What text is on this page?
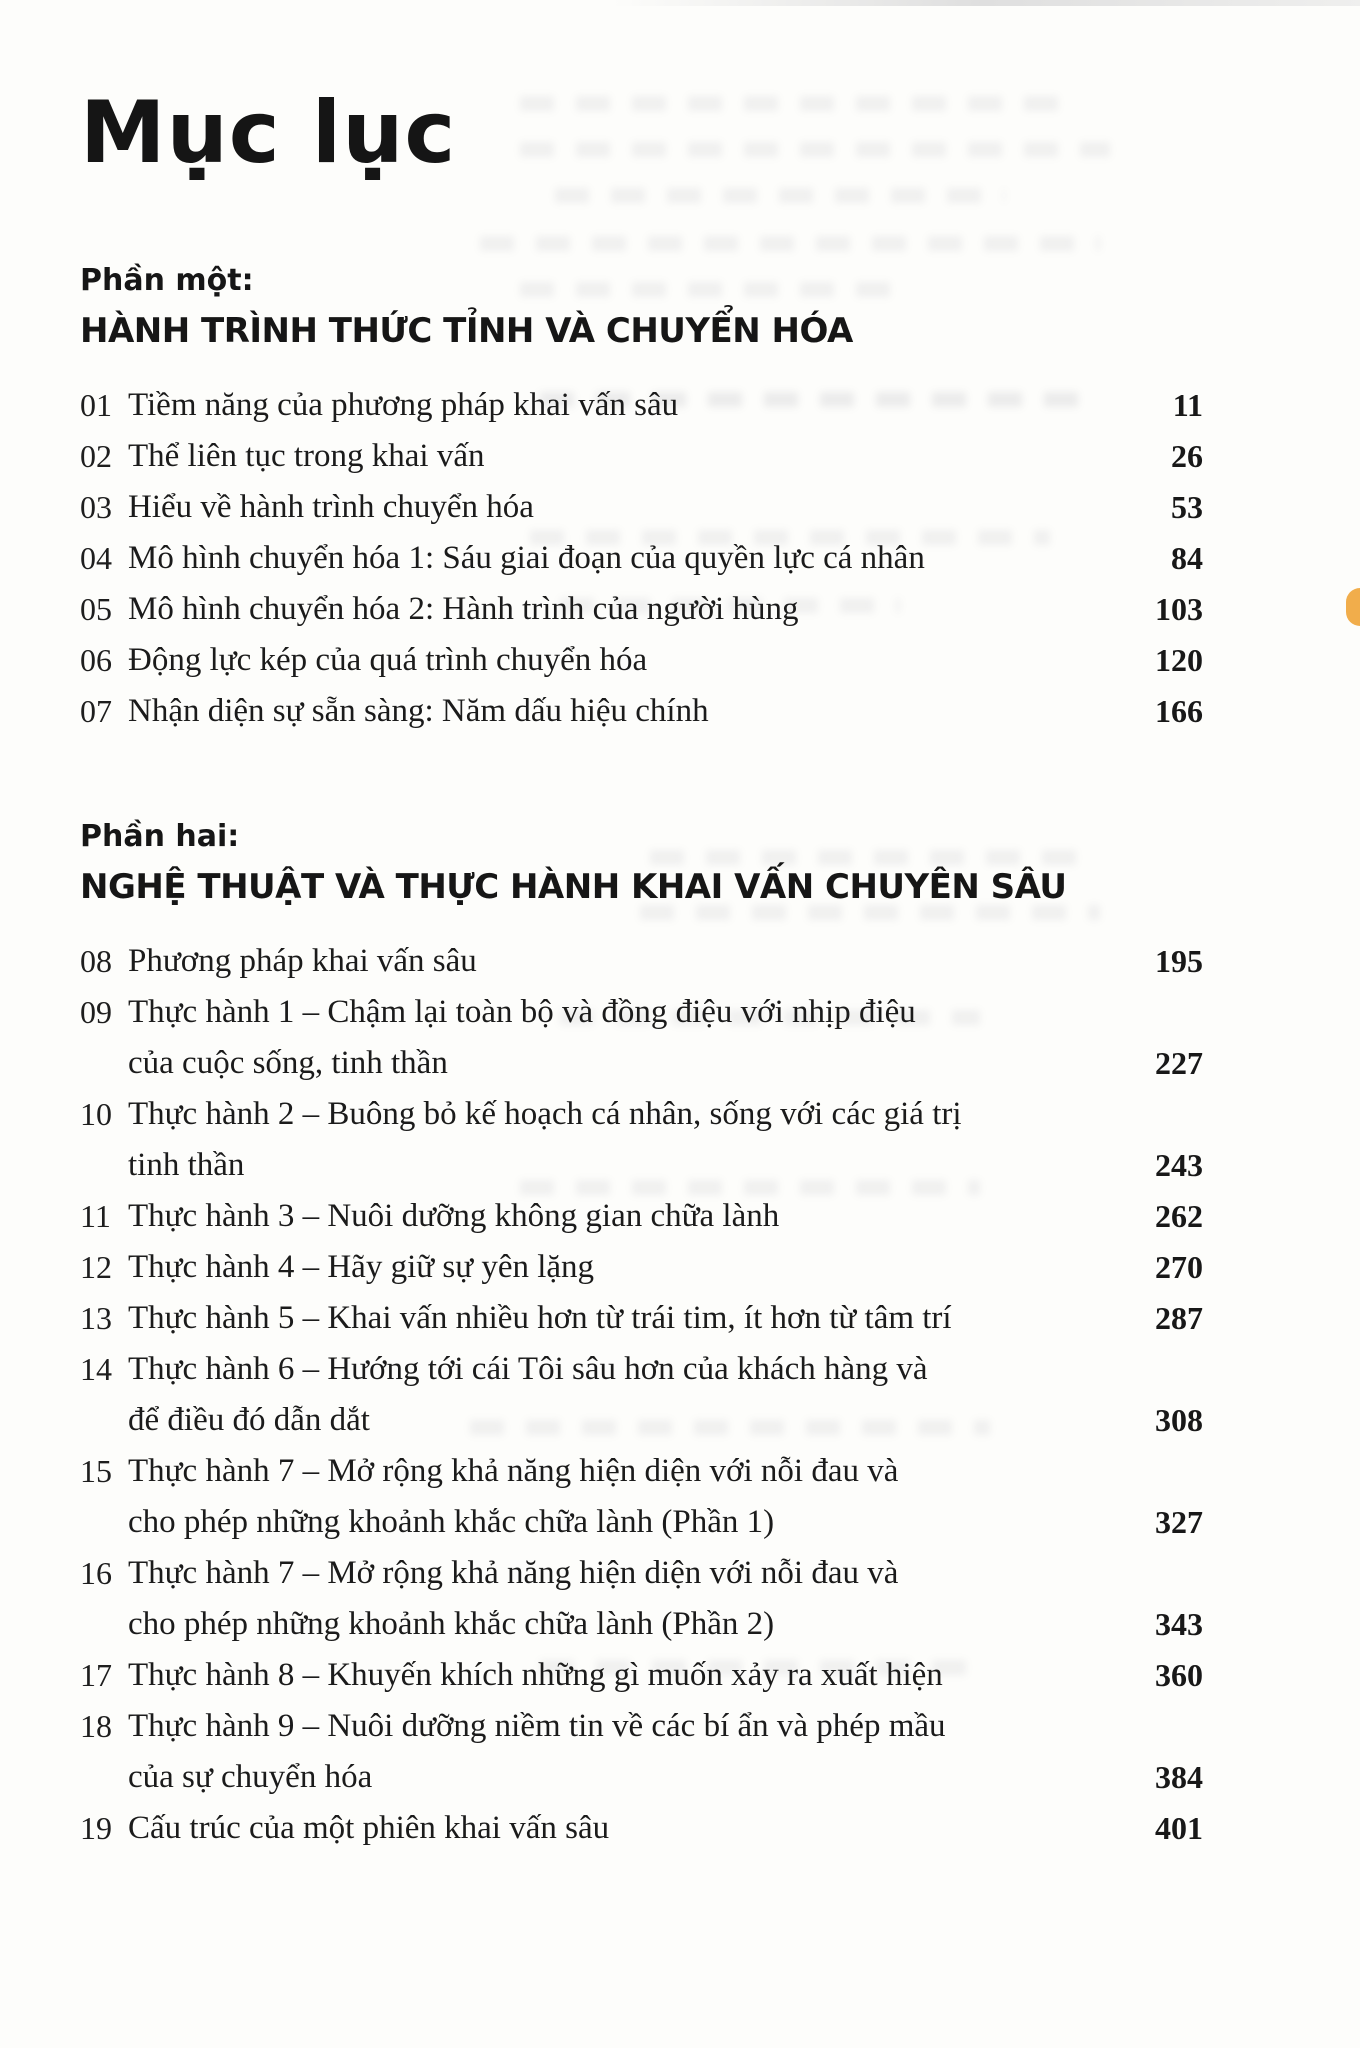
Mục lục
Phần một:
HÀNH TRÌNH THỨC TỈNH VÀ CHUYỂN HÓA
01 Tiềm năng của phương pháp khai vấn sâu	11
02 Thể liên tục trong khai vấn	26
03 Hiểu về hành trình chuyển hóa	53
04 Mô hình chuyển hóa 1: Sáu giai đoạn của quyền lực cá nhân	84
05 Mô hình chuyển hóa 2: Hành trình của người hùng	103
06 Động lực kép của quá trình chuyển hóa	120
07 Nhận diện sự sẵn sàng: Năm dấu hiệu chính	166
Phần hai:
NGHỆ THUẬT VÀ THỰC HÀNH KHAI VẤN CHUYÊN SÂU
08 Phương pháp khai vấn sâu	195
09 Thực hành 1 – Chậm lại toàn bộ và đồng điệu với nhịp điệu
của cuộc sống, tinh thần	227
10 Thực hành 2 – Buông bỏ kế hoạch cá nhân, sống với các giá trị
tinh thần	243
11 Thực hành 3 – Nuôi dưỡng không gian chữa lành	262
12 Thực hành 4 – Hãy giữ sự yên lặng	270
13 Thực hành 5 – Khai vấn nhiều hơn từ trái tim, ít hơn từ tâm trí	287
14 Thực hành 6 – Hướng tới cái Tôi sâu hơn của khách hàng và
để điều đó dẫn dắt	308
15 Thực hành 7 – Mở rộng khả năng hiện diện với nỗi đau và
cho phép những khoảnh khắc chữa lành (Phần 1)	327
16 Thực hành 7 – Mở rộng khả năng hiện diện với nỗi đau và
cho phép những khoảnh khắc chữa lành (Phần 2)	343
17 Thực hành 8 – Khuyến khích những gì muốn xảy ra xuất hiện	360
18 Thực hành 9 – Nuôi dưỡng niềm tin về các bí ẩn và phép mầu
của sự chuyển hóa	384
19 Cấu trúc của một phiên khai vấn sâu	401
